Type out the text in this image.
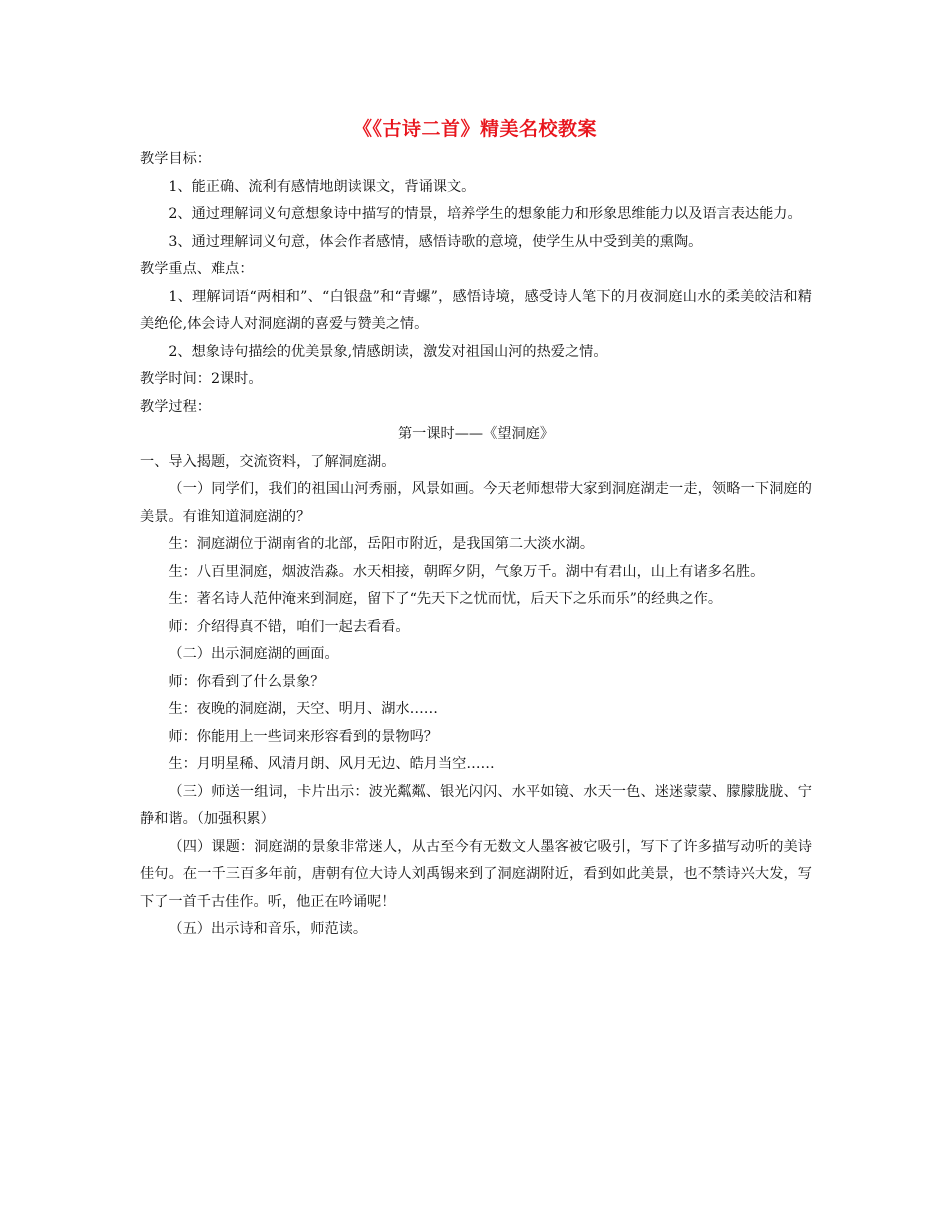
《《古诗二首》精美名校教案

教学目标：

1、能正确、流利有感情地朗读课文，背诵课文。

2、通过理解词义句意想象诗中描写的情景，培养学生的想象能力和形象思维能力以及语言表达能力。

3、通过理解词义句意，体会作者感情，感悟诗歌的意境，使学生从中受到美的熏陶。

教学重点、难点：

1、理解词语“两相和”、“白银盘”和“青螺”，感悟诗境，感受诗人笔下的月夜洞庭山水的柔美皎洁和精美绝伦,体会诗人对洞庭湖的喜爱与赞美之情。

2、想象诗句描绘的优美景象,情感朗读，激发对祖国山河的热爱之情。

教学时间：2课时。

教学过程：

第一课时——《望洞庭》

一、导入揭题，交流资料，了解洞庭湖。

（一）同学们，我们的祖国山河秀丽，风景如画。今天老师想带大家到洞庭湖走一走，领略一下洞庭的美景。有谁知道洞庭湖的？

生：洞庭湖位于湖南省的北部，岳阳市附近，是我国第二大淡水湖。

生：八百里洞庭，烟波浩淼。水天相接，朝晖夕阴，气象万千。湖中有君山，山上有诸多名胜。

生：著名诗人范仲淹来到洞庭，留下了“先天下之忧而忧，后天下之乐而乐”的经典之作。

师：介绍得真不错，咱们一起去看看。

（二）出示洞庭湖的画面。

师：你看到了什么景象？

生：夜晚的洞庭湖，天空、明月、湖水……

师：你能用上一些词来形容看到的景物吗？

生：月明星稀、风清月朗、风月无边、皓月当空……

（三）师送一组词，卡片出示：波光粼粼、银光闪闪、水平如镜、水天一色、迷迷蒙蒙、朦朦胧胧、宁静和谐。（加强积累）

（四）课题：洞庭湖的景象非常迷人，从古至今有无数文人墨客被它吸引，写下了许多描写动听的美诗佳句。在一千三百多年前，唐朝有位大诗人刘禹锡来到了洞庭湖附近，看到如此美景，也不禁诗兴大发，写下了一首千古佳作。听，他正在吟诵呢！

（五）出示诗和音乐，师范读。
